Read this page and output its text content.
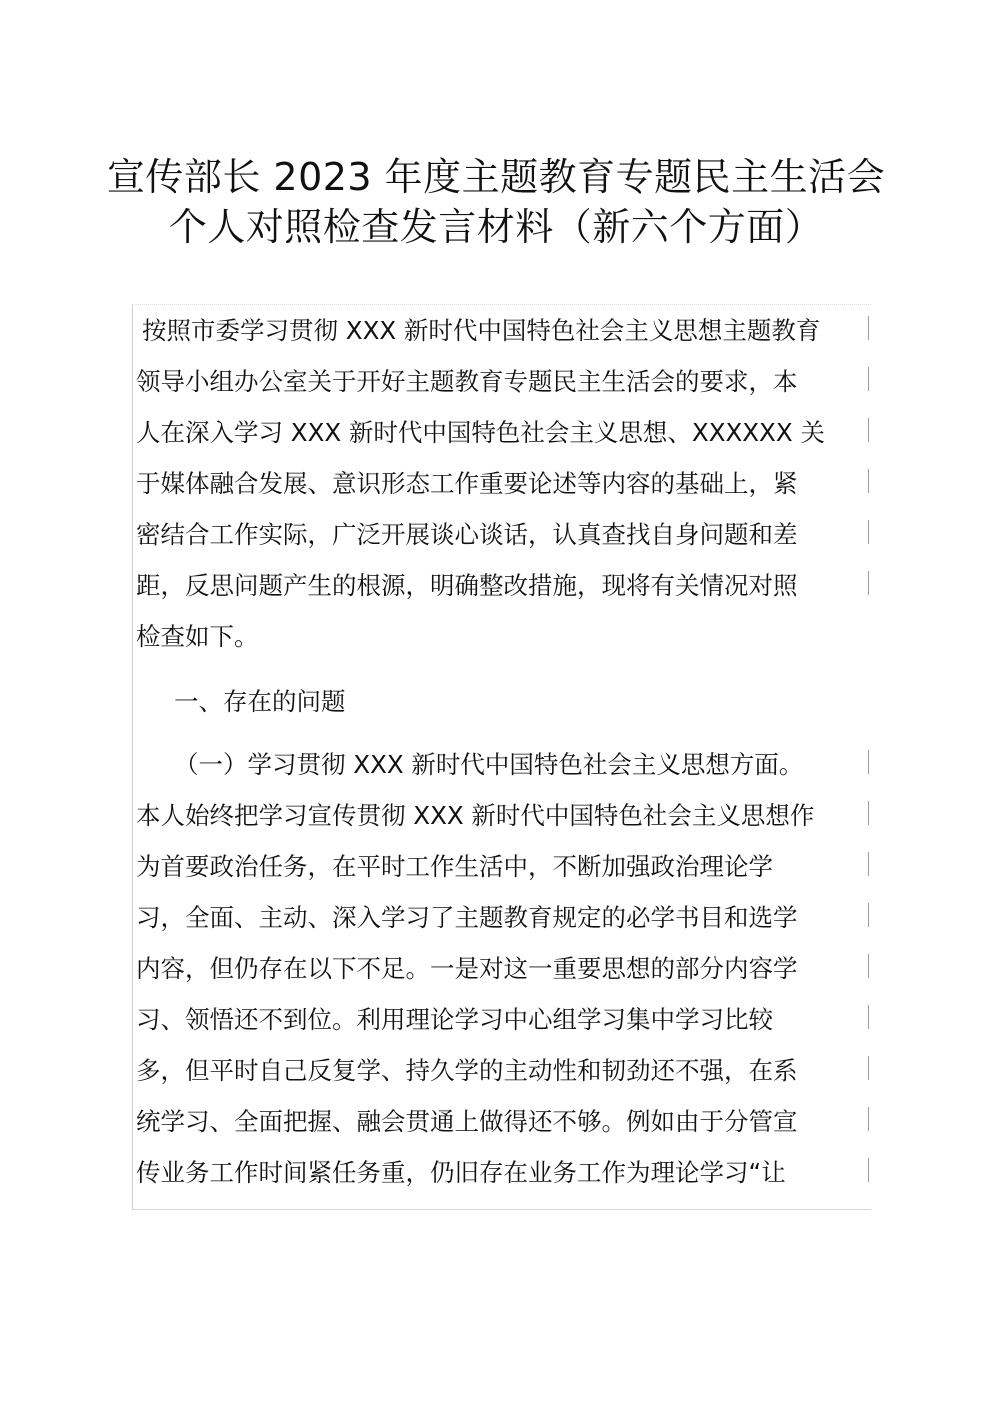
宣传部长 2023 年度主题教育专题民主生活会
个人对照检查发言材料（新六个方面）
按照市委学习贯彻 XXX 新时代中国特色社会主义思想主题教育
领导小组办公室关于开好主题教育专题民主生活会的要求，本
人在深入学习 XXX 新时代中国特色社会主义思想、XXXXXX 关
于媒体融合发展、意识形态工作重要论述等内容的基础上，紧
密结合工作实际，广泛开展谈心谈话，认真查找自身问题和差
距，反思问题产生的根源，明确整改措施，现将有关情况对照
检查如下。
一、存在的问题
（一）学习贯彻 XXX 新时代中国特色社会主义思想方面。
本人始终把学习宣传贯彻 XXX 新时代中国特色社会主义思想作
为首要政治任务，在平时工作生活中，不断加强政治理论学
习，全面、主动、深入学习了主题教育规定的必学书目和选学
内容，但仍存在以下不足。一是对这一重要思想的部分内容学
习、领悟还不到位。利用理论学习中心组学习集中学习比较
多，但平时自己反复学、持久学的主动性和韧劲还不强，在系
统学习、全面把握、融会贯通上做得还不够。例如由于分管宣
传业务工作时间紧任务重，仍旧存在业务工作为理论学习“让
